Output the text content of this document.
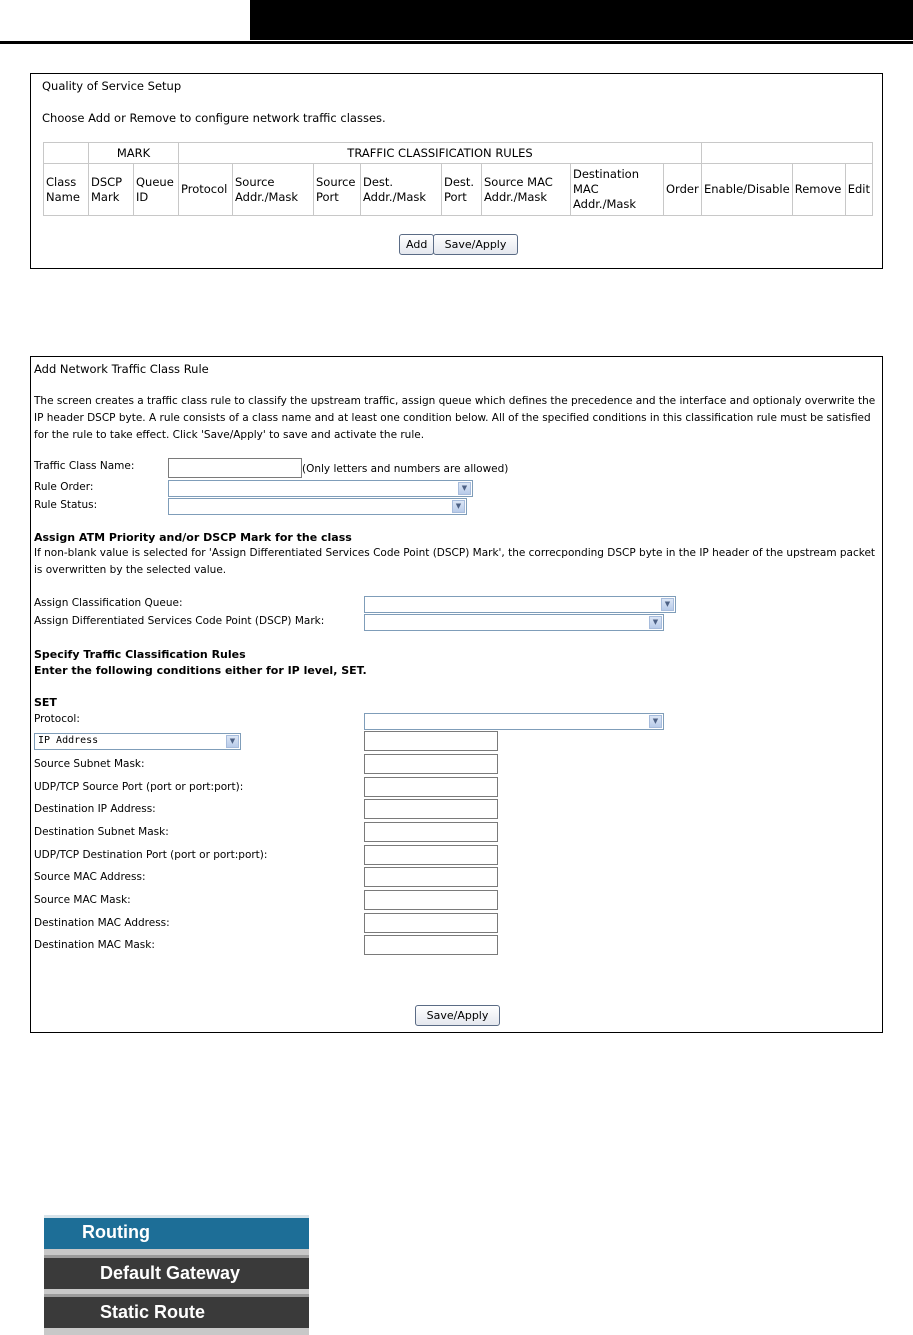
Quality of Service Setup
Choose Add or Remove to configure network traffic classes.
	MARK		TRAFFIC CLASSIFICATION RULES										
Class Name	DSCP Mark	Queue ID	Protocol	Source Addr./Mask	Source Port	Dest. Addr./Mask	Dest. Port	Source MAC Addr./Mask	Destination MAC Addr./Mask	Order	Enable/Disable	Remove	Edit
Add	Save/Apply
Add Network Traffic Class Rule
The screen creates a traffic class rule to classify the upstream traffic, assign queue which defines the precedence and the interface and optionaly overwrite the IP header DSCP byte. A rule consists of a class name and at least one condition below. All of the specified conditions in this classification rule must be satisfied for the rule to take effect. Click 'Save/Apply' to save and activate the rule.
Traffic Class Name:	(Only letters and numbers are allowed)
Rule Order:	▼
Rule Status:	▼
Assign ATM Priority and/or DSCP Mark for the class
If non-blank value is selected for 'Assign Differentiated Services Code Point (DSCP) Mark', the correcponding DSCP byte in the IP header of the upstream packet is overwritten by the selected value.
Assign Classification Queue:	▼
Assign Differentiated Services Code Point (DSCP) Mark:	▼
Specify Traffic Classification Rules
Enter the following conditions either for IP level, SET.
SET
Protocol:	▼
IP Address	▼
Source Subnet Mask:
UDP/TCP Source Port (port or port:port):
Destination IP Address:
Destination Subnet Mask:
UDP/TCP Destination Port (port or port:port):
Source MAC Address:
Source MAC Mask:
Destination MAC Address:
Destination MAC Mask:
Save/Apply
Routing
Default Gateway
Static Route
